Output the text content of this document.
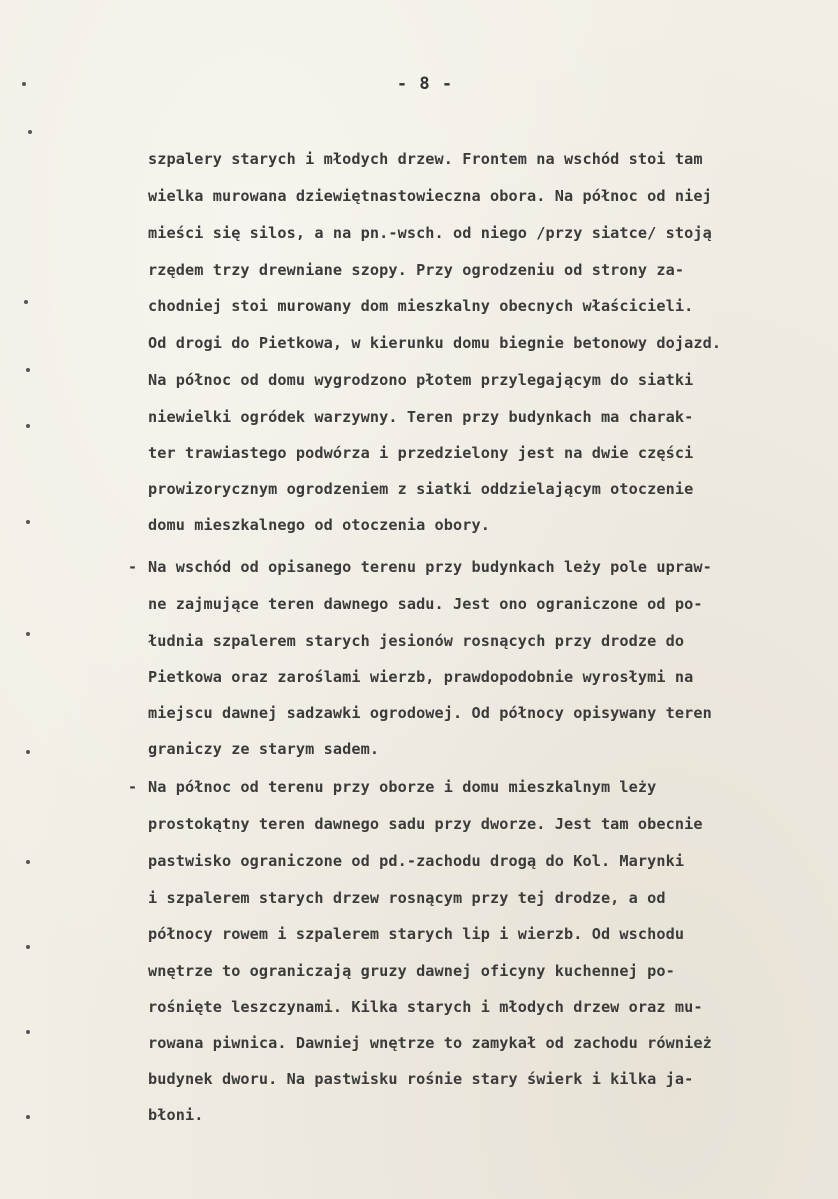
- 8 -
szpalery starych i młodych drzew. Frontem na wschód stoi tam
wielka murowana dziewiętnastowieczna obora. Na północ od niej
mieści się silos, a na pn.-wsch. od niego /przy siatce/ stoją
rzędem trzy drewniane szopy. Przy ogrodzeniu od strony za-
chodniej stoi murowany dom mieszkalny obecnych właścicieli.
Od drogi do Pietkowa, w kierunku domu biegnie betonowy dojazd.
Na północ od domu wygrodzono płotem przylegającym do siatki
niewielki ogródek warzywny. Teren przy budynkach ma charak-
ter trawiastego podwórza i przedzielony jest na dwie części
prowizorycznym ogrodzeniem z siatki oddzielającym otoczenie
domu mieszkalnego od otoczenia obory.
- Na wschód od opisanego terenu przy budynkach leży pole upraw-
ne zajmujące teren dawnego sadu. Jest ono ograniczone od po-
łudnia szpalerem starych jesionów rosnących przy drodze do
Pietkowa oraz zaroślami wierzb, prawdopodobnie wyrosłymi na
miejscu dawnej sadzawki ogrodowej. Od północy opisywany teren
graniczy ze starym sadem.
- Na północ od terenu przy oborze i domu mieszkalnym leży
prostokątny teren dawnego sadu przy dworze. Jest tam obecnie
pastwisko ograniczone od pd.-zachodu drogą do Kol. Marynki
i szpalerem starych drzew rosnącym przy tej drodze, a od
północy rowem i szpalerem starych lip i wierzb. Od wschodu
wnętrze to ograniczają gruzy dawnej oficyny kuchennej po-
rośnięte leszczynami. Kilka starych i młodych drzew oraz mu-
rowana piwnica. Dawniej wnętrze to zamykał od zachodu również
budynek dworu. Na pastwisku rośnie stary świerk i kilka ja-
błoni.
